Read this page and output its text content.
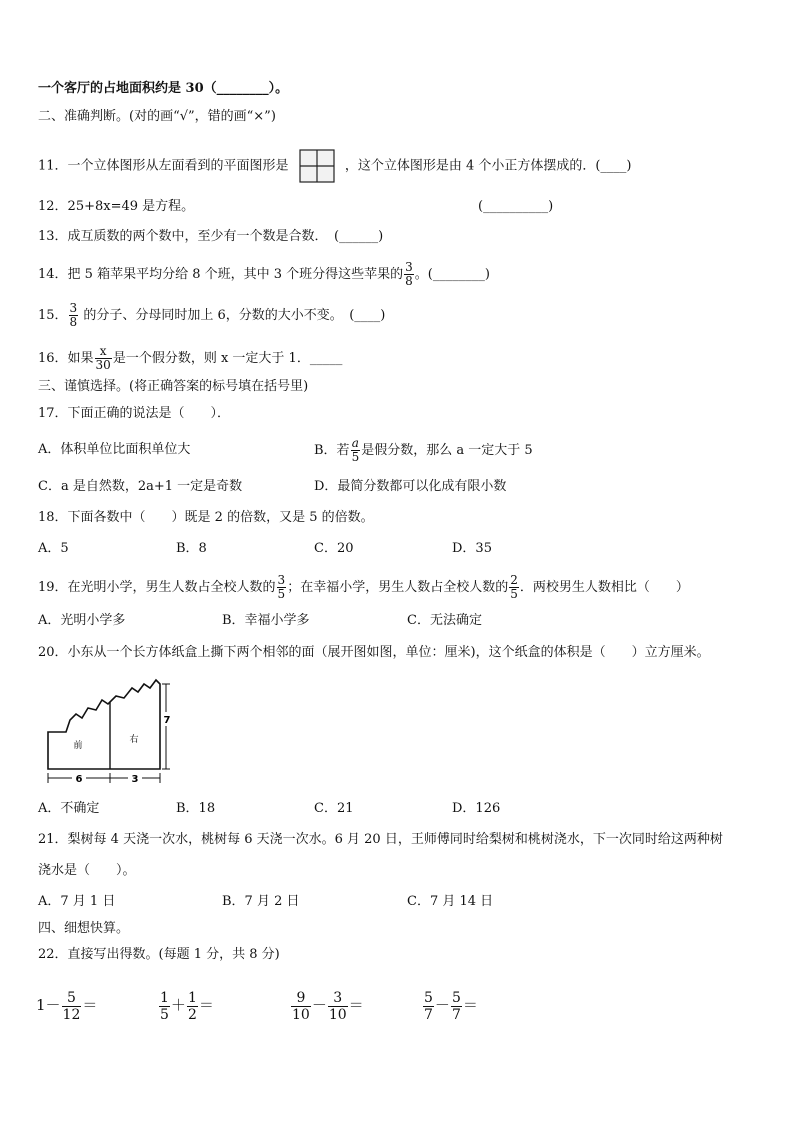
一个客厅的占地面积约是 30（________）。
二、准确判断。(对的画“√”，错的画“×”)
11．一个立体图形从左面看到的平面图形是	，这个立体图形是由 4 个小正方体摆成的．(____)
12．25+8x=49 是方程。	(__________)
13．成互质数的两个数中，至少有一个数是合数．　(______)
14．把 5 箱苹果平均分给 8 个班，其中 3 个班分得这些苹果的 $\frac{3}{8}$ 。(________)
15． $\frac{3}{8}$ 的分子、分母同时加上 6，分数的大小不变。　(____)
16．如果 $\frac{x}{30}$ 是一个假分数，则 x 一定大于 1．_____
三、谨慎选择。(将正确答案的标号填在括号里)
17．下面正确的说法是（　　）．
A．体积单位比面积单位大	B．若 $\frac{a}{5}$ 是假分数，那么 a 一定大于 5
C．a 是自然数，2a+1 一定是奇数	D．最简分数都可以化成有限小数
18．下面各数中（　　）既是 2 的倍数，又是 5 的倍数。
A．5	B．8	C．20	D．35
19．在光明小学，男生人数占全校人数的 $\frac{3}{5}$ ；在幸福小学，男生人数占全校人数的 $\frac{2}{5}$ ．两校男生人数相比（　　）
A．光明小学多	B．幸福小学多	C．无法确定
20．小东从一个长方体纸盒上撕下两个相邻的面（展开图如图，单位：厘米)，这个纸盒的体积是（　　）立方厘米。
前
右
6	3
7
A．不确定	B．18	C．21	D．126
21．梨树每 4 天浇一次水，桃树每 6 天浇一次水。6 月 20 日，王师傅同时给梨树和桃树浇水，下一次同时给这两种树
浇水是（　　）。
A．7 月 1 日	B．7 月 2 日	C．7 月 14 日
四、细想快算。
22．直接写出得数。(每题 1 分，共 8 分)
$1- \frac{5}{12}$ ＝	$\frac{1}{5} + \frac{1}{2}$ ＝	$\frac{9}{10} - \frac{3}{10}$ ＝	$\frac{5}{7} - \frac{5}{7}$ ＝
